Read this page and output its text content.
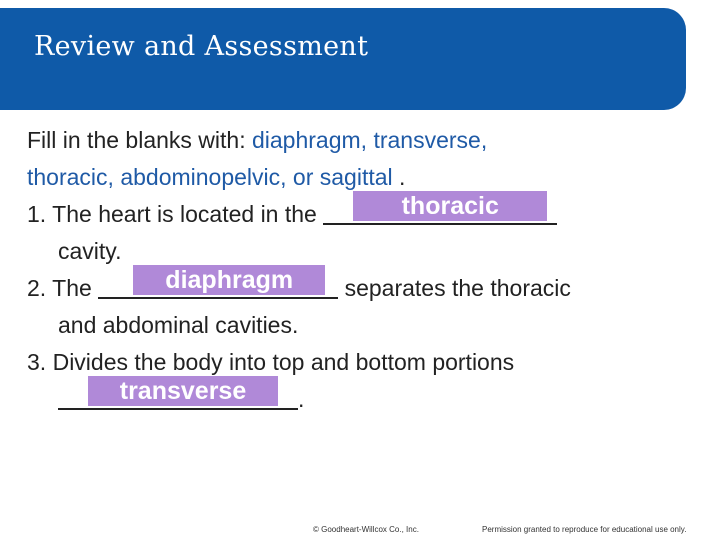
Review and Assessment
Fill in the blanks with: diaphragm, transverse,
thoracic, abdominopelvic, or sagittal .
1. The heart is located in the	thoracic
cavity.
2. The	diaphragm	separates the thoracic
and abdominal cavities.
3. Divides the body into top and bottom portions
transverse	.
© Goodheart-Willcox Co., Inc.	Permission granted to reproduce for educational use only.
